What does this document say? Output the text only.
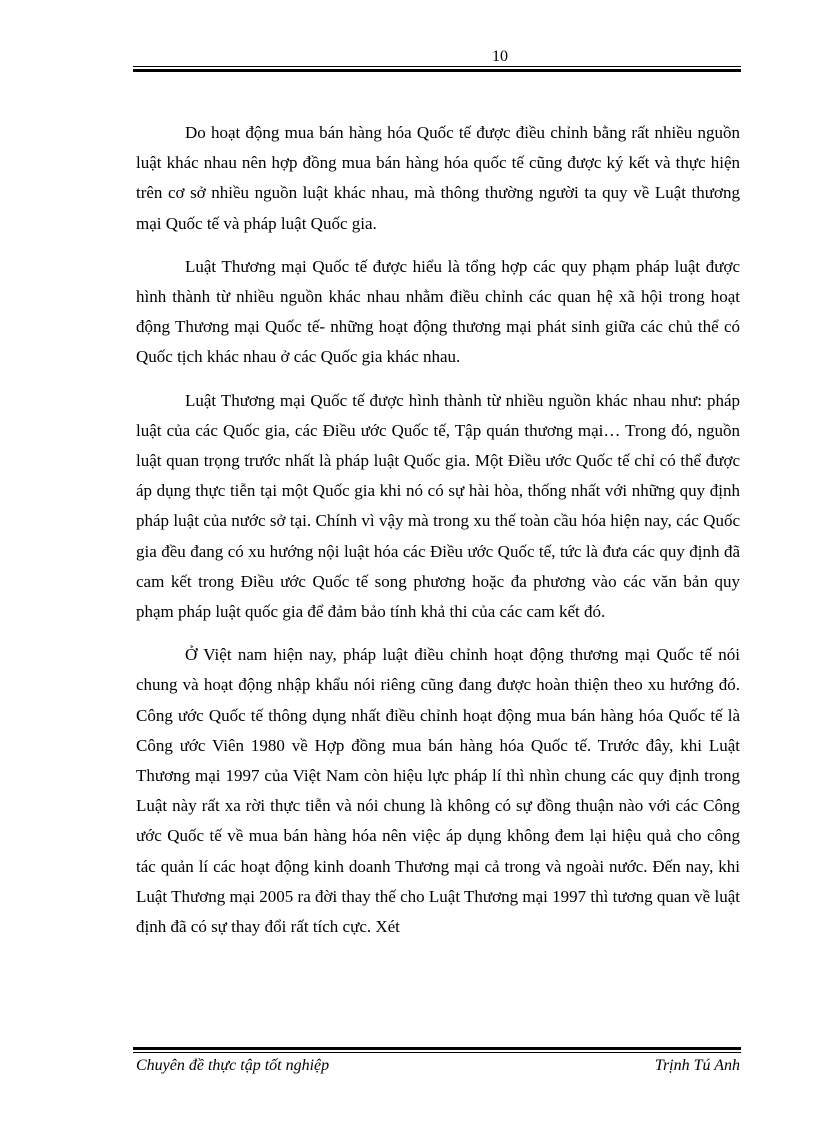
10

Do hoạt động mua bán hàng hóa Quốc tế được điều chỉnh bằng rất nhiều nguồn luật khác nhau nên hợp đồng mua bán hàng hóa quốc tế cũng được ký kết và thực hiện trên cơ sở nhiều nguồn luật khác nhau, mà thông thường người ta quy về Luật thương mại Quốc tế và pháp luật Quốc gia.

Luật Thương mại Quốc tế được hiểu là tổng hợp các quy phạm pháp luật được hình thành từ nhiều nguồn khác nhau nhằm điều chỉnh các quan hệ xã hội trong hoạt động Thương mại Quốc tế- những hoạt động thương mại phát sinh giữa các chủ thể có Quốc tịch khác nhau ở các Quốc gia khác nhau.

Luật Thương mại Quốc tế được hình thành từ nhiều nguồn khác nhau như: pháp luật của các Quốc gia, các Điều ước Quốc tế, Tập quán thương mại… Trong đó, nguồn luật quan trọng trước nhất là pháp luật Quốc gia. Một Điều ước Quốc tế chỉ có thể được áp dụng thực tiễn tại một Quốc gia khi nó có sự hài hòa, thống nhất với những quy định pháp luật của nước sở tại. Chính vì vậy mà trong xu thế toàn cầu hóa hiện nay, các Quốc gia đều đang có xu hướng nội luật hóa các Điều ước Quốc tế, tức là đưa các quy định đã cam kết trong Điều ước Quốc tế song phương hoặc đa phương vào các văn bản quy phạm pháp luật quốc gia để đảm bảo tính khả thi của các cam kết đó.

Ở Việt nam hiện nay, pháp luật điều chỉnh hoạt động thương mại Quốc tế nói chung và hoạt động nhập khẩu nói riêng cũng đang được hoàn thiện theo xu hướng đó. Công ước Quốc tế thông dụng nhất điều chỉnh hoạt động mua bán hàng hóa Quốc tế là Công ước Viên 1980 về Hợp đồng mua bán hàng hóa Quốc tế. Trước đây, khi Luật Thương mại 1997 của Việt Nam còn hiệu lực pháp lí thì nhìn chung các quy định trong Luật này rất xa rời thực tiễn và nói chung là không có sự đồng thuận nào với các Công ước Quốc tế về mua bán hàng hóa nên việc áp dụng không đem lại hiệu quả cho công tác quản lí các hoạt động kinh doanh Thương mại cả trong và ngoài nước. Đến nay, khi Luật Thương mại 2005 ra đời thay thế cho Luật Thương mại 1997 thì tương quan về luật định đã có sự thay đổi rất tích cực. Xét

Chuyên đề thực tập tốt nghiệp	Trịnh Tú Anh
